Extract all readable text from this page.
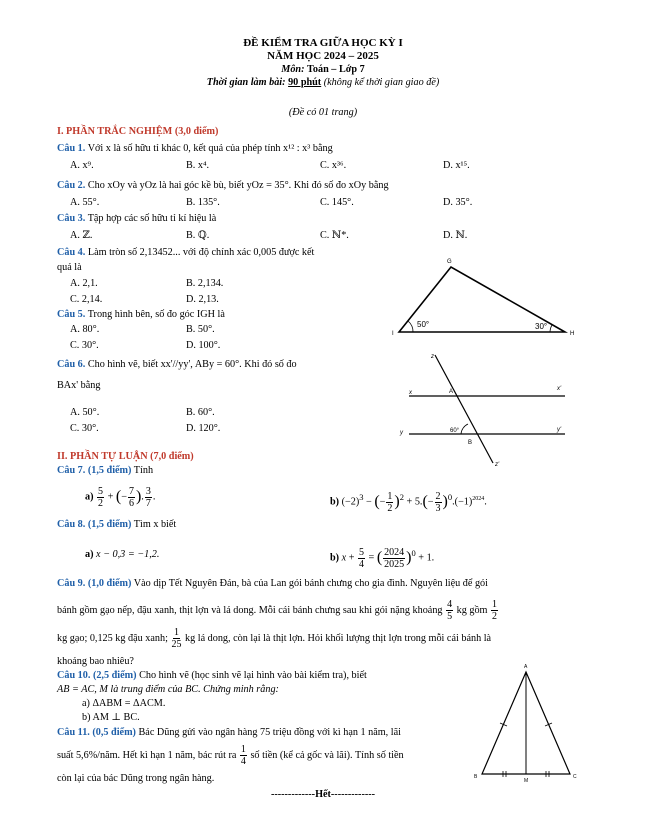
ĐỀ KIỂM TRA GIỮA HỌC KỲ I
NĂM HỌC 2024 – 2025
Môn: Toán – Lớp 7
Thời gian làm bài: 90 phút (không kể thời gian giao đề)
(Đề có 01 trang)
I. PHẦN TRẮC NGHIỆM (3,0 điểm)
Câu 1. Với x là số hữu tỉ khác 0, kết quả của phép tính x¹² : x³ bằng
A. x⁹.	B. x⁴.	C. x³⁶.	D. x¹⁵.
Câu 2. Cho xOy và yOz là hai góc kề bù, biết yOz = 35°. Khi đó số đo xOy bằng
A. 55°.	B. 135°.	C. 145°.	D. 35°.
Câu 3. Tập hợp các số hữu tỉ kí hiệu là
A. ℤ.	B. ℚ.	C. ℕ*.	D. ℕ.
Câu 4. Làm tròn số 2,13452... với độ chính xác 0,005 được kết
quả là
A. 2,1.	B. 2,134.
C. 2,14.	D. 2,13.
Câu 5. Trong hình bên, số đo góc IGH là
A. 80°.	B. 50°.
C. 30°.	D. 100°.
G
I	H
50°	30°
Câu 6. Cho hình vẽ, biết xx'//yy', ABy = 60°. Khi đó số đo
BAx' bằng
A. 50°.	B. 60°.
C. 30°.	D. 120°.
x
x'
y	y'
z
z'
A
B
60°
II. PHẦN TỰ LUẬN (7,0 điểm)
Câu 7. (1,5 điểm) Tính
$a) \frac{5}{2}$ + (− $\frac{7}{6}$ ). $\frac{3}{7}$ .	b) $(-2)^3$ − (− $\frac{1}{2} )^2 + 5.(- \frac{2}{3} )^0.(-1)^{2024}$.
Câu 8. (1,5 điểm) Tìm x biết
a) x − 0,3 = −1,2.	b) $x + \frac{5}{4}$ = ( $\frac{2024}{2025} )^0 + 1$.
Câu 9. (1,0 điểm) Vào dịp Tết Nguyên Đán, bà của Lan gói bánh chưng cho gia đình. Nguyên liệu để gói
bánh gồm gạo nếp, đậu xanh, thịt lợn và lá dong. Mỗi cái bánh chưng sau khi gói nặng khoảng $\frac{4}{5}$ kg gồm $\frac{1}{2}$
kg gạo; 0,125 kg đậu xanh; $\frac{1}{25}$ kg lá dong, còn lại là thịt lợn. Hỏi khối lượng thịt lợn trong mỗi cái bánh là
khoảng bao nhiêu?
Câu 10. (2,5 điểm) Cho hình vẽ (học sinh vẽ lại hình vào bài kiểm tra), biết
AB = AC, M là trung điểm của BC. Chứng minh rằng:
a) ΔABM = ΔACM.
b) AM ⊥ BC.
A
B	C
M
Câu 11. (0,5 điểm) Bác Dũng gửi vào ngân hàng 75 triệu đồng với kì hạn 1 năm, lãi
suất 5,6%/năm. Hết kì hạn 1 năm, bác rút ra $\frac{1}{4}$ số tiền (kể cả gốc và lãi). Tính số tiền
còn lại của bác Dũng trong ngân hàng.
-------------Hết-------------
